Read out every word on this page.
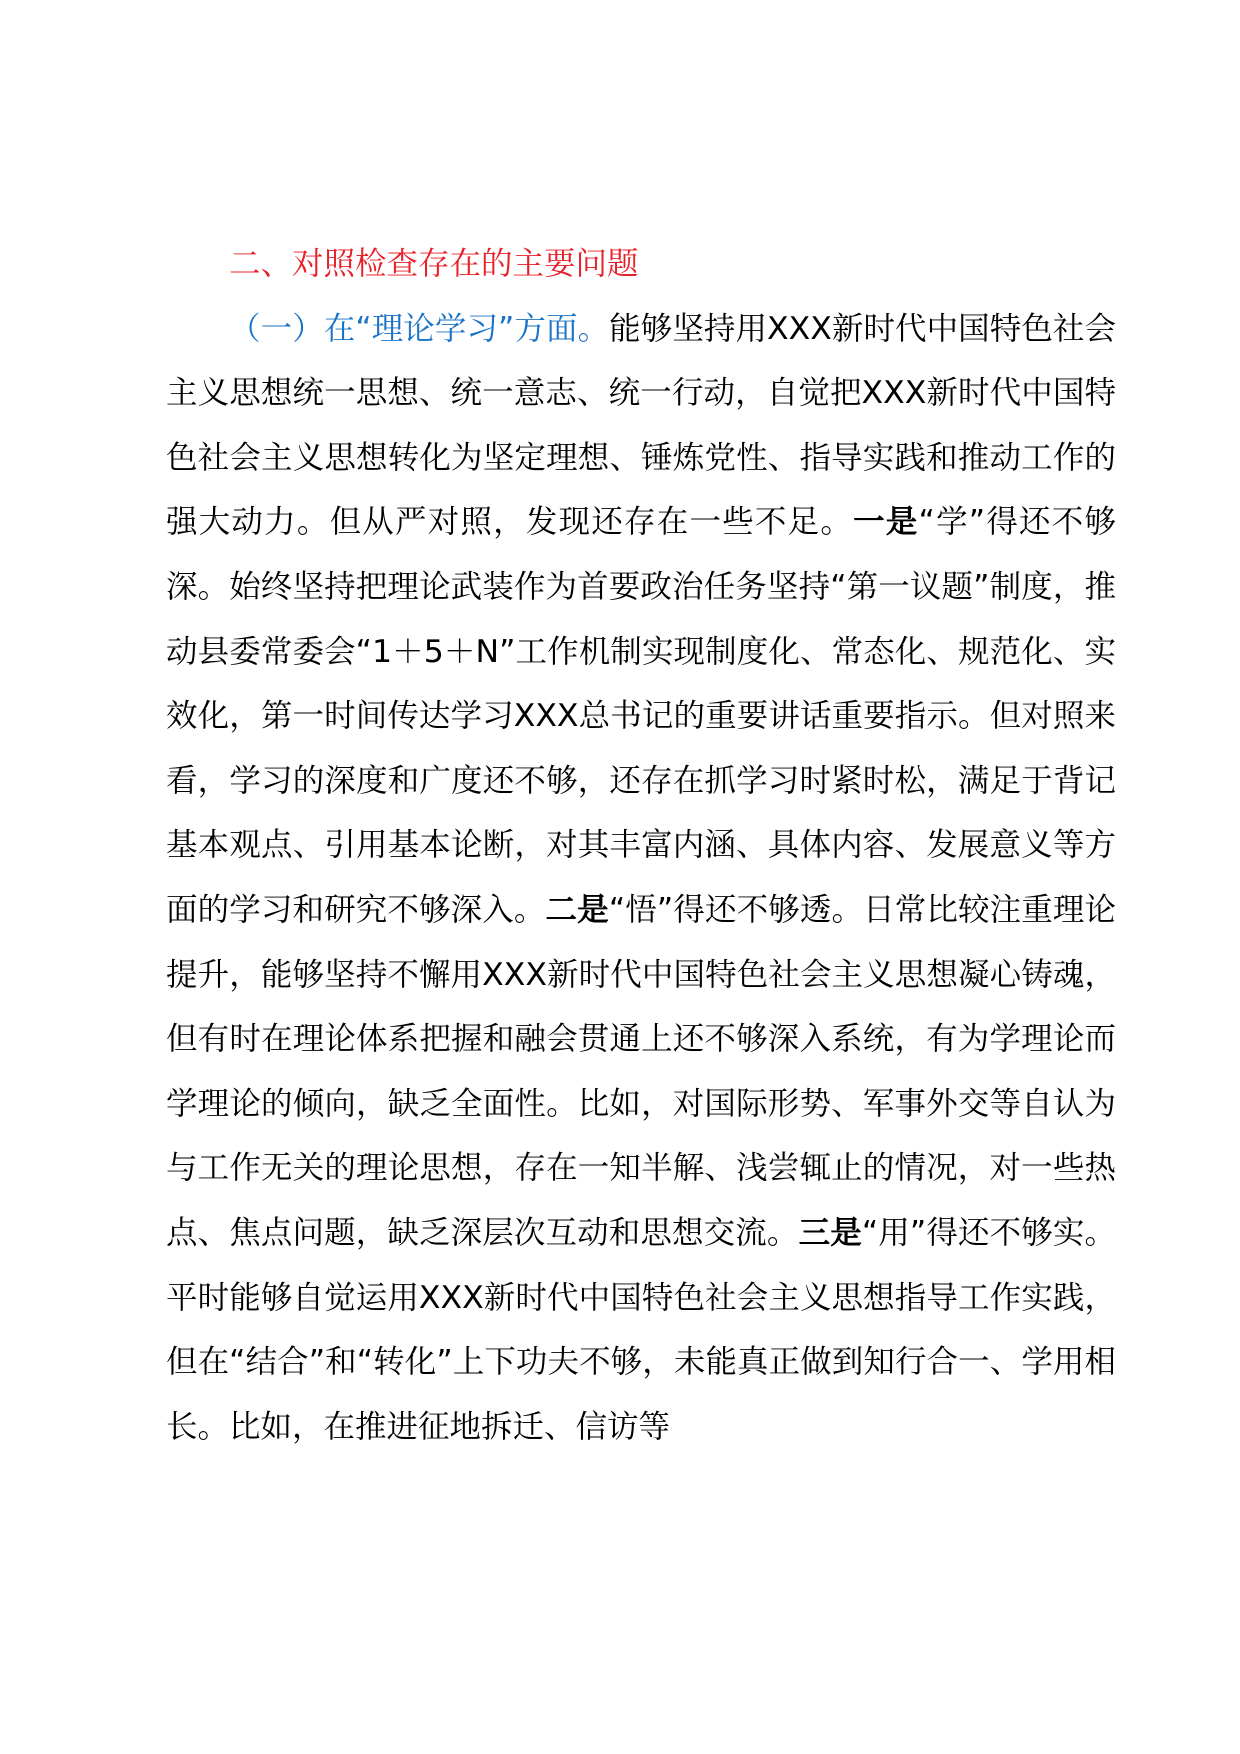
二、对照检查存在的主要问题

（一）在“理论学习”方面。能够坚持用XXX新时代中国特色社会主义思想统一思想、统一意志、统一行动，自觉把XXX新时代中国特色社会主义思想转化为坚定理想、锤炼党性、指导实践和推动工作的强大动力。但从严对照，发现还存在一些不足。一是“学”得还不够深。始终坚持把理论武装作为首要政治任务坚持“第一议题”制度，推动县委常委会“1＋5＋N”工作机制实现制度化、常态化、规范化、实效化，第一时间传达学习XXX总书记的重要讲话重要指示。但对照来看，学习的深度和广度还不够，还存在抓学习时紧时松，满足于背记基本观点、引用基本论断，对其丰富内涵、具体内容、发展意义等方面的学习和研究不够深入。二是“悟”得还不够透。日常比较注重理论提升，能够坚持不懈用XXX新时代中国特色社会主义思想凝心铸魂，但有时在理论体系把握和融会贯通上还不够深入系统，有为学理论而学理论的倾向，缺乏全面性。比如，对国际形势、军事外交等自认为与工作无关的理论思想，存在一知半解、浅尝辄止的情况，对一些热点、焦点问题，缺乏深层次互动和思想交流。三是“用”得还不够实。平时能够自觉运用XXX新时代中国特色社会主义思想指导工作实践，但在“结合”和“转化”上下功夫不够，未能真正做到知行合一、学用相长。比如，在推进征地拆迁、信访等
